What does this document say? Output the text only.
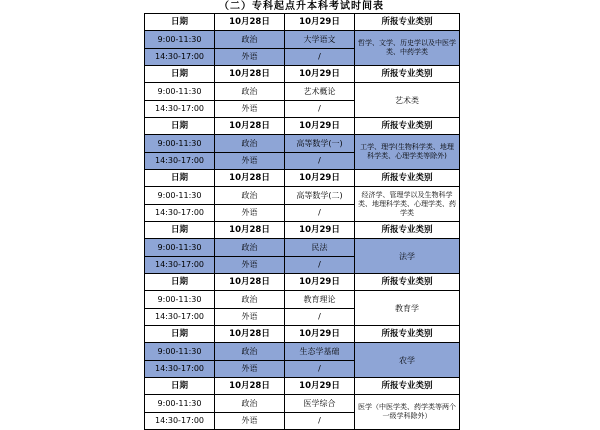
（二）专科起点升本科考试时间表
日期	10月28日	10月29日	所报专业类别
9:00-11:30	政治	大学语文	哲学、文学、历史学以及中医学类、中药学类
14:30-17:00	外语	/	
日期	10月28日	10月29日	所报专业类别
9:00-11:30	政治	艺术概论	艺术类
14:30-17:00	外语	/	
日期	10月28日	10月29日	所报专业类别
9:00-11:30	政治	高等数学(一)	工学、理学(生物科学类、地理科学类、心理学类等除外)
14:30-17:00	外语	/	
日期	10月28日	10月29日	所报专业类别
9:00-11:30	政治	高等数学(二)	经济学、管理学以及生物科学类、地理科学类、心理学类、药学类
14:30-17:00	外语	/	
日期	10月28日	10月29日	所报专业类别
9:00-11:30	政治	民法	法学
14:30-17:00	外语	/	
日期	10月28日	10月29日	所报专业类别
9:00-11:30	政治	教育理论	教育学
14:30-17:00	外语	/	
日期	10月28日	10月29日	所报专业类别
9:00-11:30	政治	生态学基础	农学
14:30-17:00	外语	/	
日期	10月28日	10月29日	所报专业类别
9:00-11:30	政治	医学综合	医学（中医学类、药学类等两个一级学科除外）
14:30-17:00	外语	/	
